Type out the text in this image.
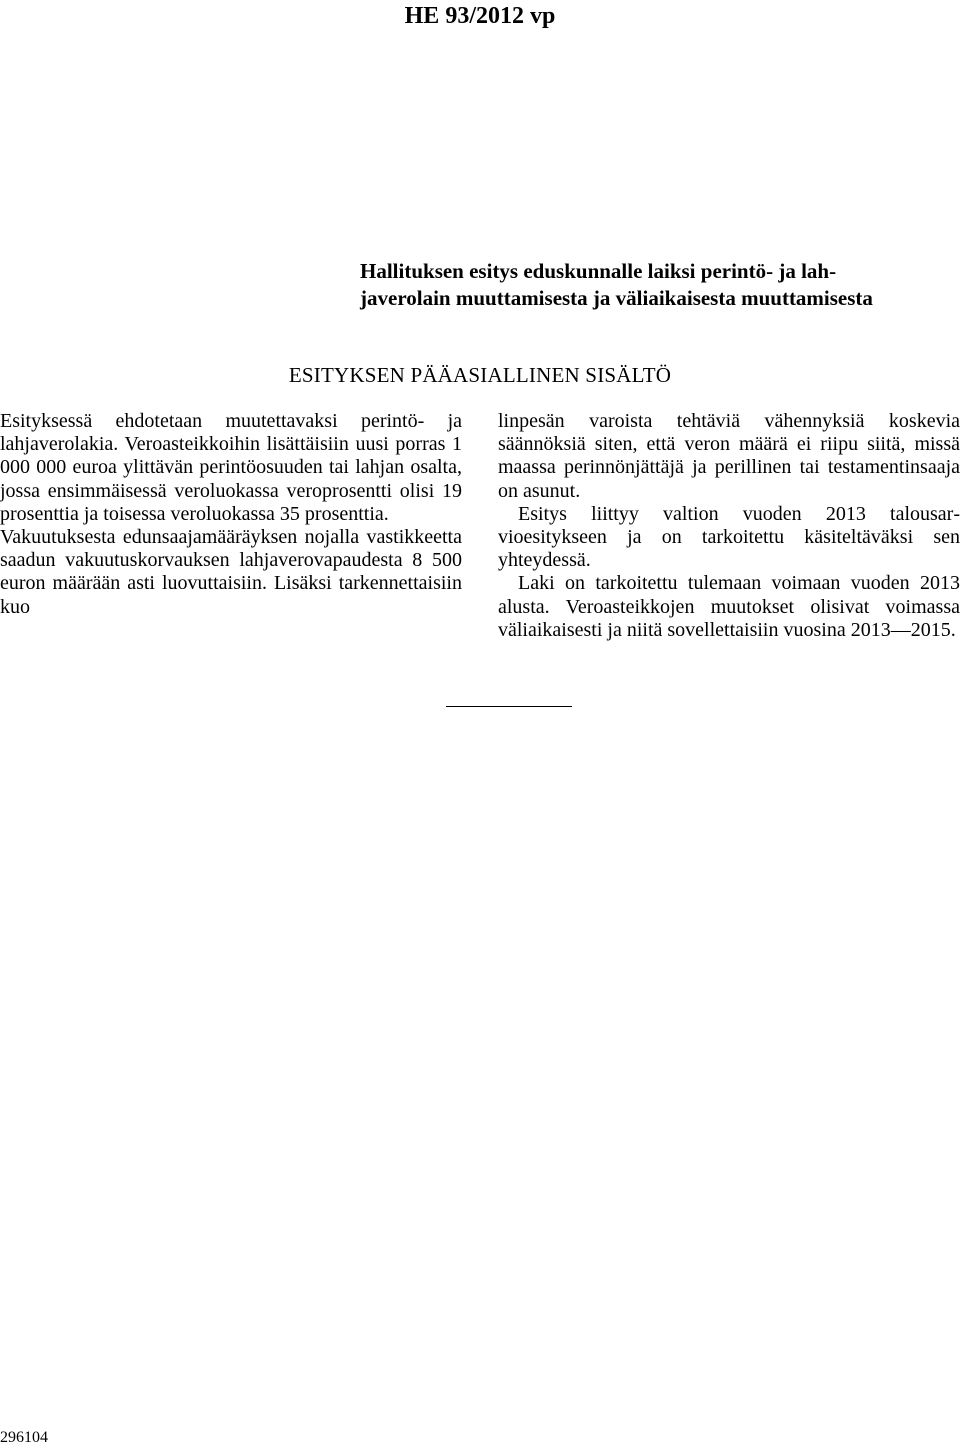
HE 93/2012 vp
Hallituksen esitys eduskunnalle laiksi perintö- ja lah-
javerolain muuttamisesta ja väliaikaisesta muuttamisesta
ESITYKSEN PÄÄASIALLINEN SISÄLTÖ

Esityksessä ehdotetaan muutettavaksi perintö- ja lahjaverolakia. Veroasteikkoihin lisättäisiin uusi porras 1 000 000 euroa ylittävän perintöosuuden tai lahjan osalta, jossa ensimmäisessä veroluokassa veroprosentti olisi 19 prosenttia ja toisessa veroluokassa 35 prosenttia.

Vakuutuksesta edunsaajamääräyksen nojalla vastikkeetta saadun vakuutuskorvauksen lahjaverovapaudesta 8 500 euron määrään asti luovuttaisiin. Lisäksi tarkennettaisiin kuo

linpesän varoista tehtäviä vähennyksiä koskevia säännöksiä siten, että veron määrä ei riipu siitä, missä maassa perinnönjättäjä ja perillinen tai testamentinsaaja on asunut.

Esitys liittyy valtion vuoden 2013 talousarvioesitykseen ja on tarkoitettu käsiteltäväksi sen yhteydessä.

Laki on tarkoitettu tulemaan voimaan vuoden 2013 alusta. Veroasteikkojen muutokset olisivat voimassa väliaikaisesti ja niitä sovellettaisiin vuosina 2013—2015.

296104
